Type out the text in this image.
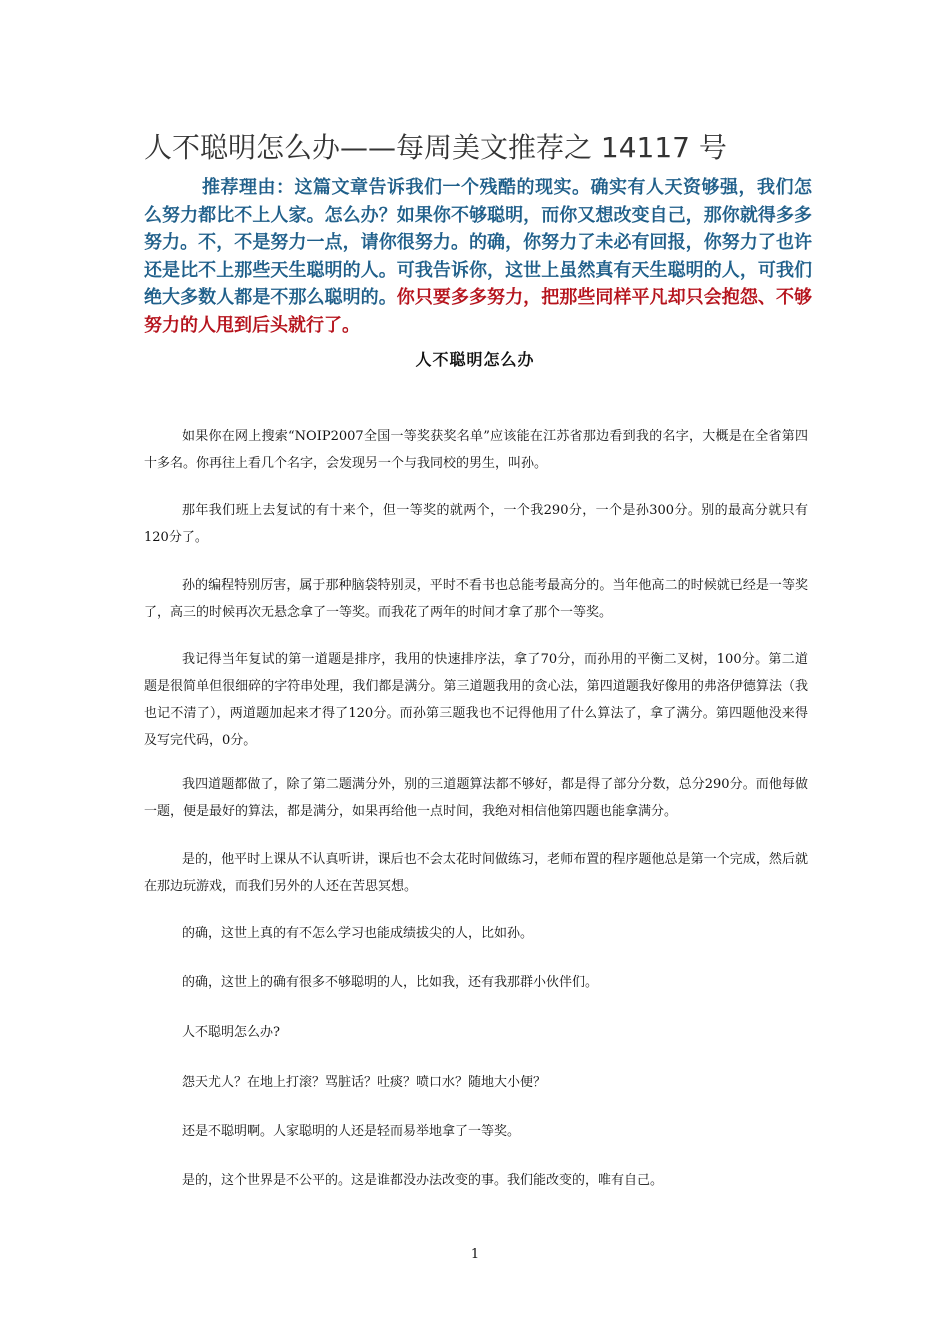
人不聪明怎么办——每周美文推荐之 14117 号

推荐理由：这篇文章告诉我们一个残酷的现实。确实有人天资够强，我们怎么努力都比不上人家。怎么办？如果你不够聪明，而你又想改变自己，那你就得多多努力。不，不是努力一点，请你很努力。的确，你努力了未必有回报，你努力了也许还是比不上那些天生聪明的人。可我告诉你，这世上虽然真有天生聪明的人，可我们绝大多数人都是不那么聪明的。你只要多多努力，把那些同样平凡却只会抱怨、不够努力的人甩到后头就行了。

人不聪明怎么办

如果你在网上搜索“NOIP2007全国一等奖获奖名单”应该能在江苏省那边看到我的名字，大概是在全省第四十多名。你再往上看几个名字，会发现另一个与我同校的男生，叫孙。

那年我们班上去复试的有十来个，但一等奖的就两个，一个我290分，一个是孙300分。别的最高分就只有120分了。

孙的编程特别厉害，属于那种脑袋特别灵，平时不看书也总能考最高分的。当年他高二的时候就已经是一等奖了，高三的时候再次无悬念拿了一等奖。而我花了两年的时间才拿了那个一等奖。

我记得当年复试的第一道题是排序，我用的快速排序法，拿了70分，而孙用的平衡二叉树，100分。第二道题是很简单但很细碎的字符串处理，我们都是满分。第三道题我用的贪心法，第四道题我好像用的弗洛伊德算法（我也记不清了），两道题加起来才得了120分。而孙第三题我也不记得他用了什么算法了，拿了满分。第四题他没来得及写完代码，0分。

我四道题都做了，除了第二题满分外，别的三道题算法都不够好，都是得了部分分数，总分290分。而他每做一题，便是最好的算法，都是满分，如果再给他一点时间，我绝对相信他第四题也能拿满分。

是的，他平时上课从不认真听讲，课后也不会太花时间做练习，老师布置的程序题他总是第一个完成，然后就在那边玩游戏，而我们另外的人还在苦思冥想。

的确，这世上真的有不怎么学习也能成绩拔尖的人，比如孙。

的确，这世上的确有很多不够聪明的人，比如我，还有我那群小伙伴们。

人不聪明怎么办?

怨天尤人？在地上打滚？骂脏话？吐痰？喷口水？随地大小便？

还是不聪明啊。人家聪明的人还是轻而易举地拿了一等奖。

是的，这个世界是不公平的。这是谁都没办法改变的事。我们能改变的，唯有自己。

1
